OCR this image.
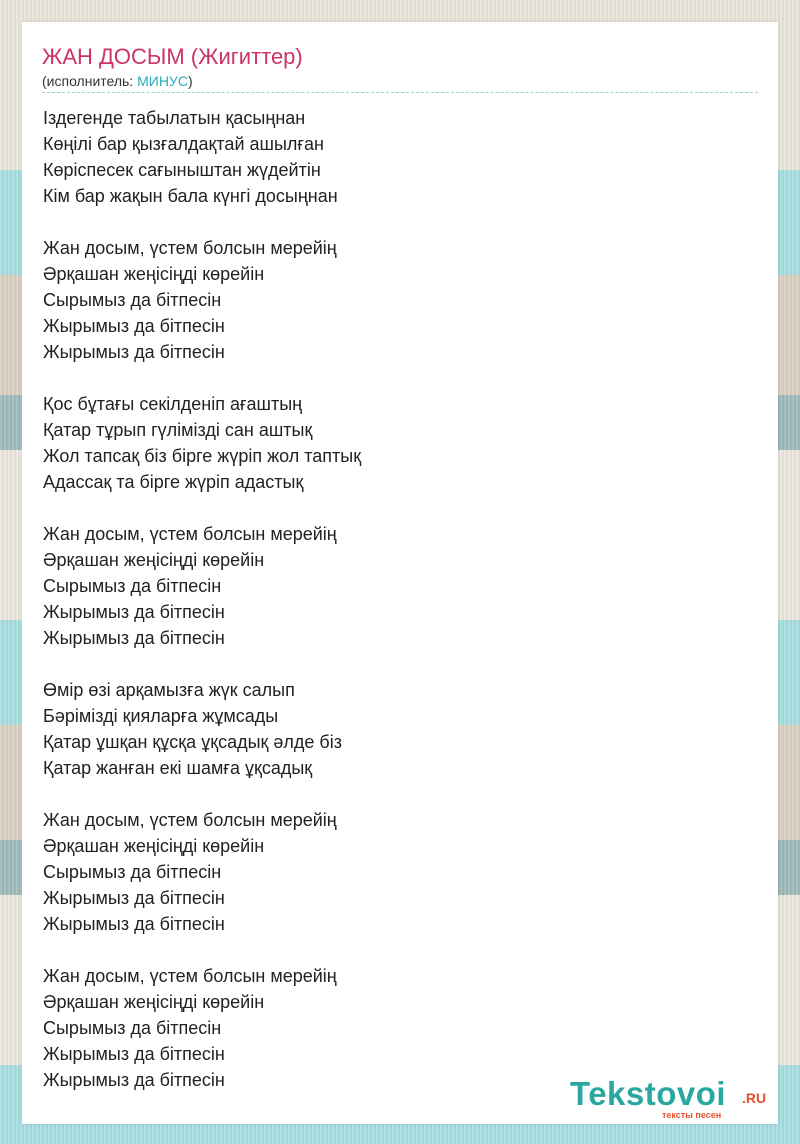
ЖАН ДОСЫМ (Жигиттер)
(исполнитель: МИНУС)
Іздегенде табылатын қасыңнан
Көңілі бар қызғалдақтай ашылған
Көріспесек сағыныштан жүдейтін
Кім бар жақын бала күнгі досыңнан
Жан досым, үстем болсын мерейің
Әрқашан жеңісіңді көрейін
Сырымыз да бітпесін
Жырымыз да бітпесін
Жырымыз да бітпесін
Қос бұтағы секілденіп ағаштың
Қатар тұрып гүлімізді сан аштық
Жол тапсақ біз бірге жүріп жол таптық
Адассақ та бірге жүріп адастық
Жан досым, үстем болсын мерейің
Әрқашан жеңісіңді көрейін
Сырымыз да бітпесін
Жырымыз да бітпесін
Жырымыз да бітпесін
Өмір өзі арқамызға жүк салып
Бәрімізді қияларға жұмсады
Қатар ұшқан құсқа ұқсадық әлде біз
Қатар жанған екі шамға ұқсадық
Жан досым, үстем болсын мерейің
Әрқашан жеңісіңді көрейін
Сырымыз да бітпесін
Жырымыз да бітпесін
Жырымыз да бітпесін
Жан досым, үстем болсын мерейің
Әрқашан жеңісіңді көрейін
Сырымыз да бітпесін
Жырымыз да бітпесін
Жырымыз да бітпесін	Tekstovoi .RU
тексты песен
